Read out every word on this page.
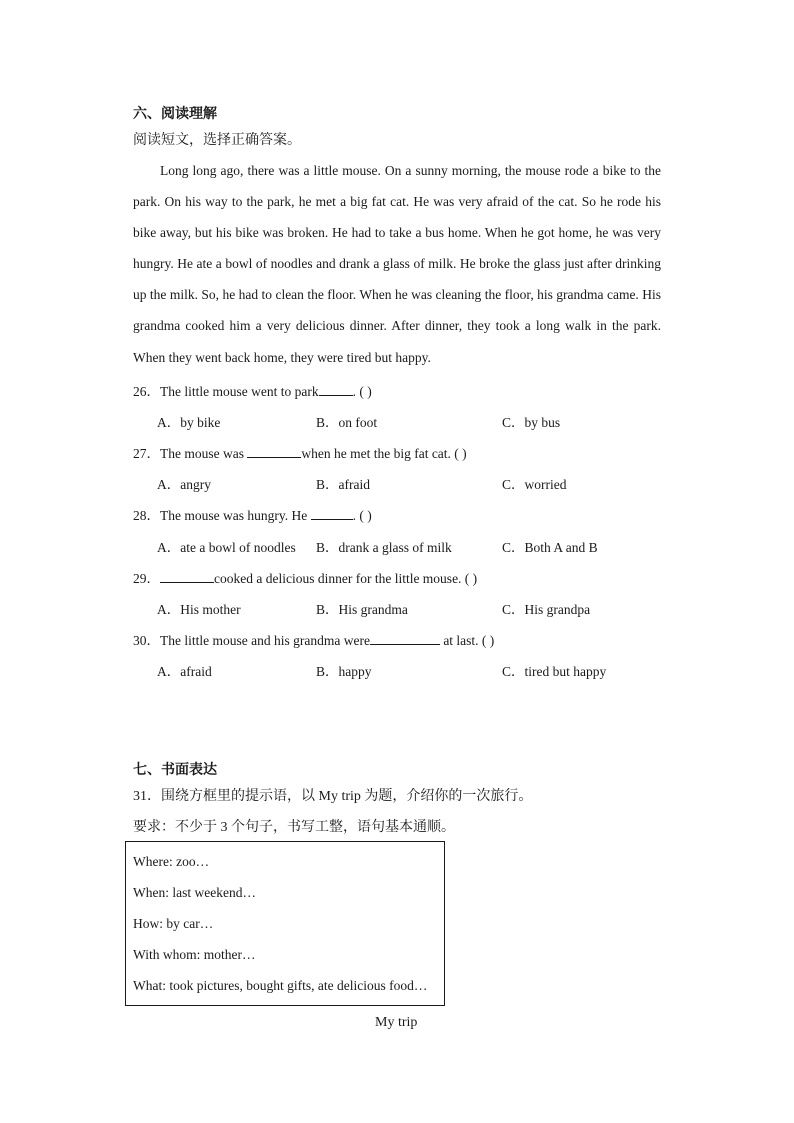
六、阅读理解
阅读短文，选择正确答案。

Long long ago, there was a little mouse. On a sunny morning, the mouse rode a bike to the park. On his way to the park, he met a big fat cat. He was very afraid of the cat. So he rode his bike away, but his bike was broken. He had to take a bus home. When he got home, he was very hungry. He ate a bowl of noodles and drank a glass of milk. He broke the glass just after drinking up the milk. So, he had to clean the floor. When he was cleaning the floor, his grandma came. His grandma cooked him a very delicious dinner. After dinner, they took a long walk in the park. When they went back home, they were tired but happy.

26．The little mouse went to park	. ( )
A．by bike	B．on foot	C．by bus
27．The mouse was	when he met the big fat cat. ( )
A．angry	B．afraid	C．worried
28．The mouse was hungry. He	. ( )
A．ate a bowl of noodles B．drank a glass of milk	C．Both A and B
29．	cooked a delicious dinner for the little mouse. ( )
A．His mother	B．His grandma	C．His grandpa
30．The little mouse and his grandma were	at last. ( )
A．afraid	B．happy	C．tired but happy
七、书面表达
31．围绕方框里的提示语，以 My trip 为题，介绍你的一次旅行。
要求：不少于 3 个句子，书写工整，语句基本通顺。
Where: zoo…
When: last weekend…
How: by car…
With whom: mother…
What: took pictures, bought gifts, ate delicious food…
My trip
